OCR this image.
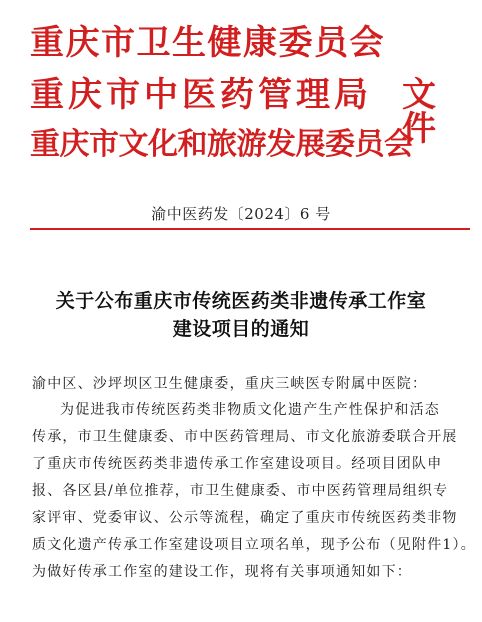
重庆市卫生健康委员会
重庆市中医药管理局 文件
重庆市文化和旅游发展委员会
渝中医药发〔2024〕6 号
关于公布重庆市传统医药类非遗传承工作室
建设项目的通知
渝中区、沙坪坝区卫生健康委，重庆三峡医专附属中医院：
为促进我市传统医药类非物质文化遗产生产性保护和活态
传承，市卫生健康委、市中医药管理局、市文化旅游委联合开展
了重庆市传统医药类非遗传承工作室建设项目。经项目团队申
报、各区县/单位推荐，市卫生健康委、市中医药管理局组织专
家评审、党委审议、公示等流程，确定了重庆市传统医药类非物
质文化遗产传承工作室建设项目立项名单，现予公布（见附件1）。
为做好传承工作室的建设工作，现将有关事项通知如下：
